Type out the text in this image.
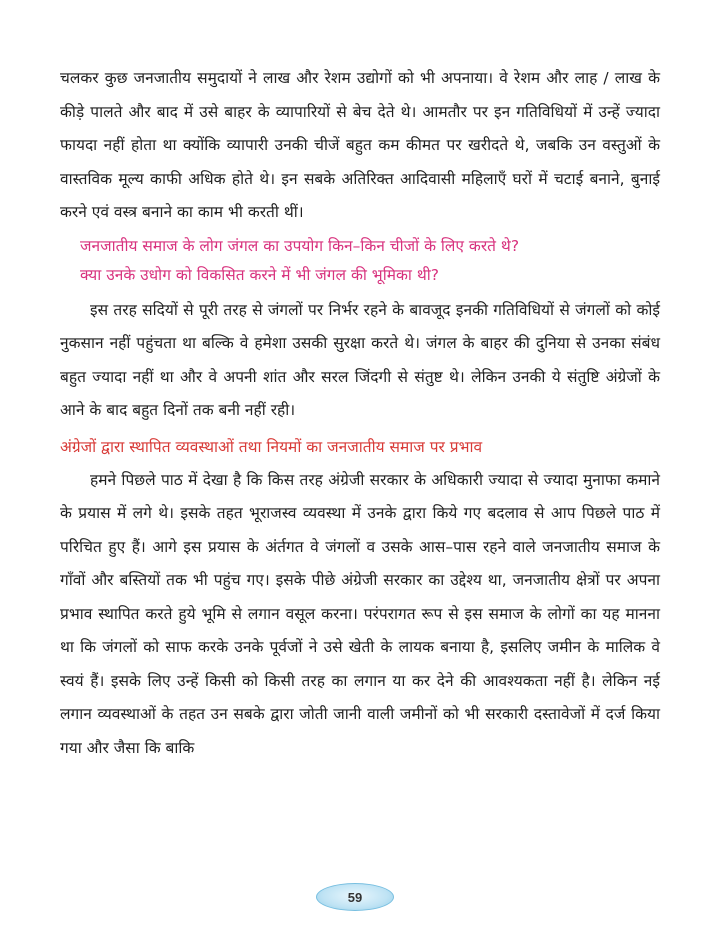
चलकर कुछ जनजातीय समुदायों ने लाख और रेशम उद्योगों को भी अपनाया। वे रेशम और लाह / लाख के कीड़े पालते और बाद में उसे बाहर के व्यापारियों से बेच देते थे। आमतौर पर इन गतिविधियों में उन्हें ज्यादा फायदा नहीं होता था क्योंकि व्यापारी उनकी चीजें बहुत कम कीमत पर खरीदते थे, जबकि उन वस्तुओं के वास्तविक मूल्य काफी अधिक होते थे। इन सबके अतिरिक्त आदिवासी महिलाएँ घरों में चटाई बनाने, बुनाई करने एवं वस्त्र बनाने का काम भी करती थीं।

जनजातीय समाज के लोग जंगल का उपयोग किन–किन चीजों के लिए करते थे?
क्या उनके उधोग को विकसित करने में भी जंगल की भूमिका थी?

इस तरह सदियों से पूरी तरह से जंगलों पर निर्भर रहने के बावजूद इनकी गतिविधियों से जंगलों को कोई नुकसान नहीं पहुंचता था बल्कि वे हमेशा उसकी सुरक्षा करते थे। जंगल के बाहर की दुनिया से उनका संबंध बहुत ज्यादा नहीं था और वे अपनी शांत और सरल जिंदगी से संतुष्ट थे। लेकिन उनकी ये संतुष्टि अंग्रेजों के आने के बाद बहुत दिनों तक बनी नहीं रही।

अंग्रेजों द्वारा स्थापित व्यवस्थाओं तथा नियमों का जनजातीय समाज पर प्रभाव

हमने पिछले पाठ में देखा है कि किस तरह अंग्रेजी सरकार के अधिकारी ज्यादा से ज्यादा मुनाफा कमाने के प्रयास में लगे थे। इसके तहत भूराजस्व व्यवस्था में उनके द्वारा किये गए बदलाव से आप पिछले पाठ में परिचित हुए हैं। आगे इस प्रयास के अंर्तगत वे जंगलों व उसके आस–पास रहने वाले जनजातीय समाज के गाँवों और बस्तियों तक भी पहुंच गए। इसके पीछे अंग्रेजी सरकार का उद्देश्य था, जनजातीय क्षेत्रों पर अपना प्रभाव स्थापित करते हुये भूमि से लगान वसूल करना। परंपरागत रूप से इस समाज के लोगों का यह मानना था कि जंगलों को साफ करके उनके पूर्वजों ने उसे खेती के लायक बनाया है, इसलिए जमीन के मालिक वे स्वयं हैं। इसके लिए उन्हें किसी को किसी तरह का लगान या कर देने की आवश्यकता नहीं है। लेकिन नई लगान व्यवस्थाओं के तहत उन सबके द्वारा जोती जानी वाली जमीनों को भी सरकारी दस्तावेजों में दर्ज किया गया और जैसा कि बाकि

59
